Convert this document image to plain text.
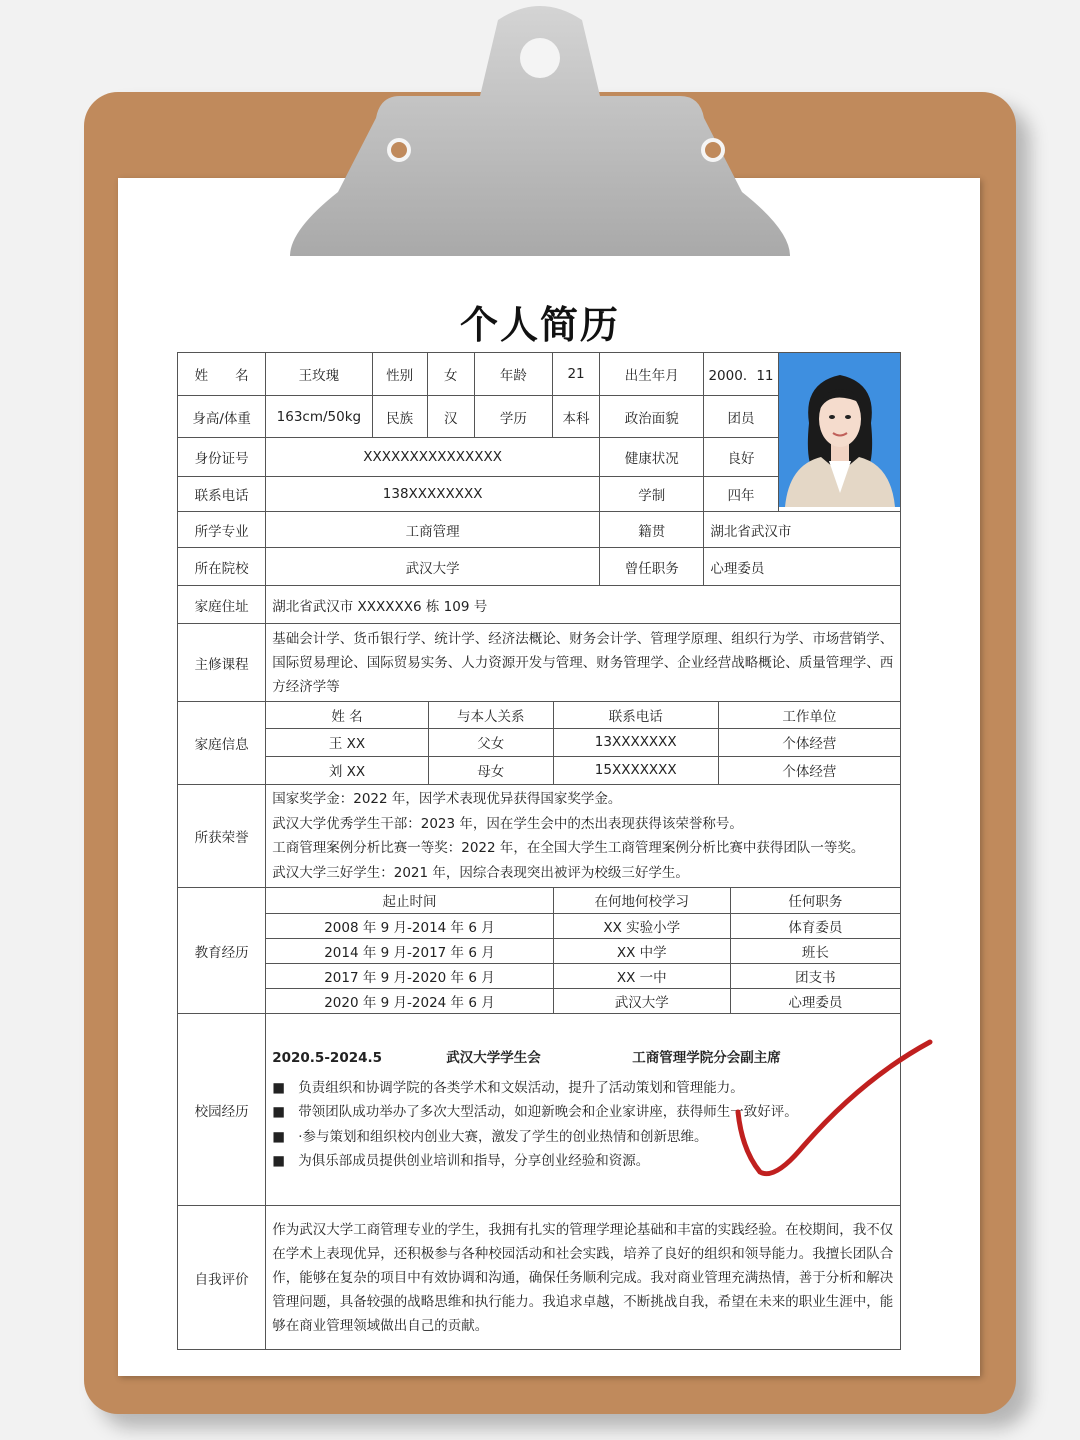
个人简历
姓　　名	王玫瑰	性别	女	年龄	21	出生年月	2000．11	
身高/体重	163cm/50kg	民族	汉	学历	本科	政治面貌	团员
身份证号	XXXXXXXXXXXXXXX	健康状况	良好
联系电话	138XXXXXXXX	学制	四年
所学专业	工商管理	籍贯	湖北省武汉市
所在院校	武汉大学	曾任职务	心理委员
家庭住址	湖北省武汉市 XXXXXX6 栋 109 号
主修课程	基础会计学、货币银行学、统计学、经济法概论、财务会计学、管理学原理、组织行为学、市场营销学、国际贸易理论、国际贸易实务、人力资源开发与管理、财务管理学、企业经营战略概论、质量管理学、西方经济学等
家庭信息	
姓 名	与本人关系	联系电话	工作单位
王 XX	父女	13XXXXXXX	个体经营
刘 XX	母女	15XXXXXXX	个体经营

所获荣誉	
国家奖学金：2022 年，因学术表现优异获得国家奖学金。
武汉大学优秀学生干部：2023 年，因在学生会中的杰出表现获得该荣誉称号。
工商管理案例分析比赛一等奖：2022 年，在全国大学生工商管理案例分析比赛中获得团队一等奖。
武汉大学三好学生：2021 年，因综合表现突出被评为校级三好学生。

教育经历	
起止时间	在何地何校学习	任何职务
2008 年 9 月-2014 年 6 月	XX 实验小学	体育委员
2014 年 9 月-2017 年 6 月	XX 中学	班长
2017 年 9 月-2020 年 6 月	XX 一中	团支书
2020 年 9 月-2024 年 6 月	武汉大学	心理委员

校园经历	
2020.5-2024.5	武汉大学学生会	工商管理学院分会副主席
■ 负责组织和协调学院的各类学术和文娱活动，提升了活动策划和管理能力。
■ 带领团队成功举办了多次大型活动，如迎新晚会和企业家讲座，获得师生一致好评。
■ ·参与策划和组织校内创业大赛，激发了学生的创业热情和创新思维。
■ 为俱乐部成员提供创业培训和指导，分享创业经验和资源。

自我评价	作为武汉大学工商管理专业的学生，我拥有扎实的管理学理论基础和丰富的实践经验。在校期间，我不仅在学术上表现优异，还积极参与各种校园活动和社会实践，培养了良好的组织和领导能力。我擅长团队合作，能够在复杂的项目中有效协调和沟通，确保任务顺利完成。我对商业管理充满热情，善于分析和解决管理问题，具备较强的战略思维和执行能力。我追求卓越，不断挑战自我，希望在未来的职业生涯中，能够在商业管理领域做出自己的贡献。
